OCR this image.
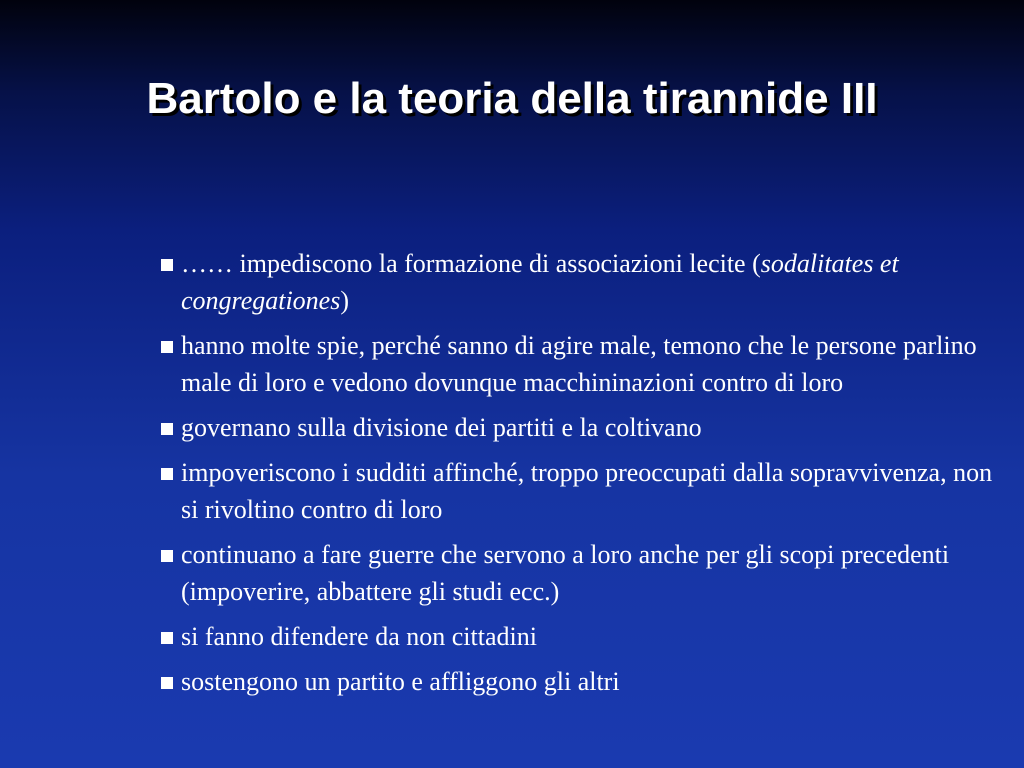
Bartolo e la teoria della tirannide III

…… impediscono la formazione di associazioni lecite (sodalitates et congregationes)

hanno molte spie, perché sanno di agire male, temono che le persone parlino male di loro e vedono dovunque macchininazioni contro di loro

governano sulla divisione dei partiti e la coltivano

impoveriscono i sudditi affinché, troppo preoccupati dalla sopravvivenza, non si rivoltino contro di loro

continuano a fare guerre che servono a loro anche per gli scopi precedenti (impoverire, abbattere gli studi ecc.)

si fanno difendere da non cittadini

sostengono un partito e affliggono gli altri
